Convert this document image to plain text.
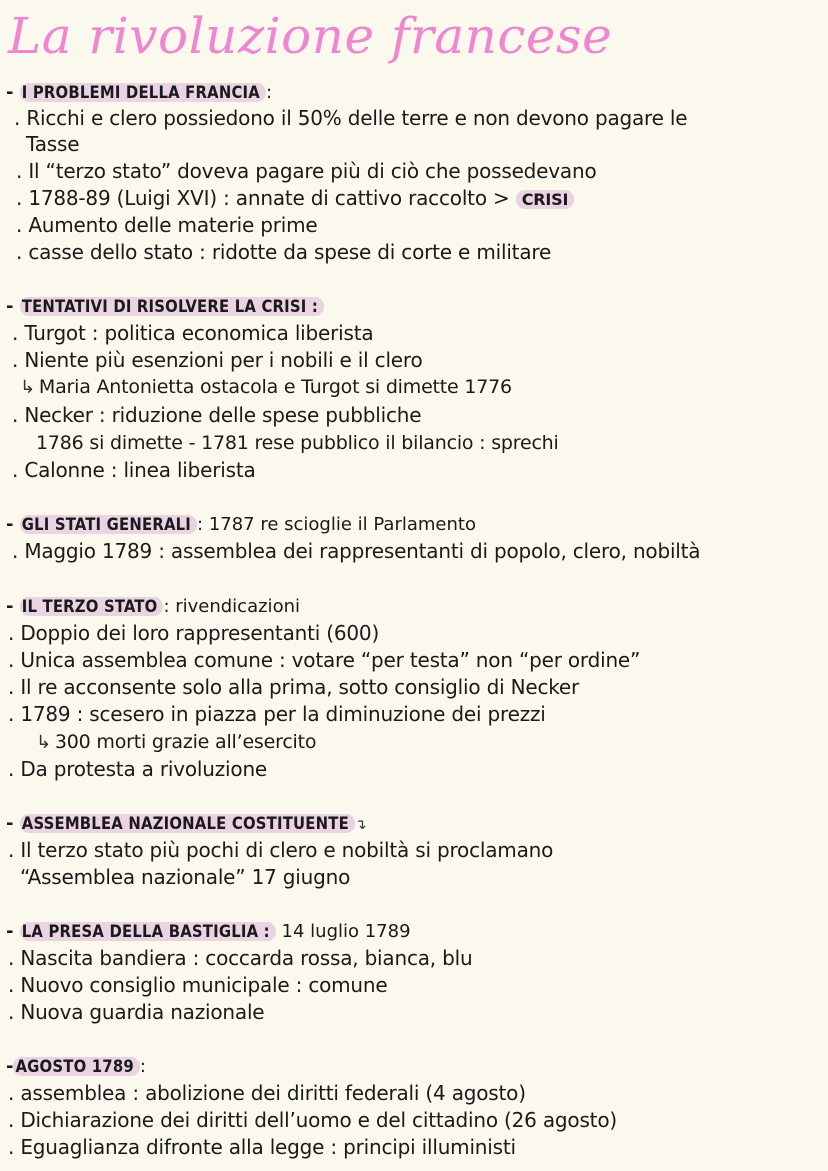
La rivoluzione francese
- I PROBLEMI DELLA FRANCIA :
. Ricchi e clero possiedono il 50% delle terre e non devono pagare le
Tasse
. Il “terzo stato” doveva pagare più di ciò che possedevano
. 1788-89 (Luigi XVI) : annate di cattivo raccolto > CRISI
. Aumento delle materie prime
. casse dello stato : ridotte da spese di corte e militare
- TENTATIVI DI RISOLVERE LA CRISI :
. Turgot : politica economica liberista
. Niente più esenzioni per i nobili e il clero
↳ Maria Antonietta ostacola e Turgot si dimette 1776
. Necker : riduzione delle spese pubbliche
1786 si dimette - 1781 rese pubblico il bilancio : sprechi
. Calonne : linea liberista
- GLI STATI GENERALI : 1787 re scioglie il Parlamento
. Maggio 1789 : assemblea dei rappresentanti di popolo, clero, nobiltà
- IL TERZO STATO : rivendicazioni
. Doppio dei loro rappresentanti (600)
. Unica assemblea comune : votare “per testa” non “per ordine”
. Il re acconsente solo alla prima, sotto consiglio di Necker
. 1789 : scesero in piazza per la diminuzione dei prezzi
↳ 300 morti grazie all’esercito
. Da protesta a rivoluzione
- ASSEMBLEA NAZIONALE COSTITUENTE ↴
. Il terzo stato più pochi di clero e nobiltà si proclamano
“Assemblea nazionale” 17 giugno
- LA PRESA DELLA BASTIGLIA : 14 luglio 1789
. Nascita bandiera : coccarda rossa, bianca, blu
. Nuovo consiglio municipale : comune
. Nuova guardia nazionale
- AGOSTO 1789 :
. assemblea : abolizione dei diritti federali (4 agosto)
. Dichiarazione dei diritti dell’uomo e del cittadino (26 agosto)
. Eguaglianza difronte alla legge : principi illuministi
